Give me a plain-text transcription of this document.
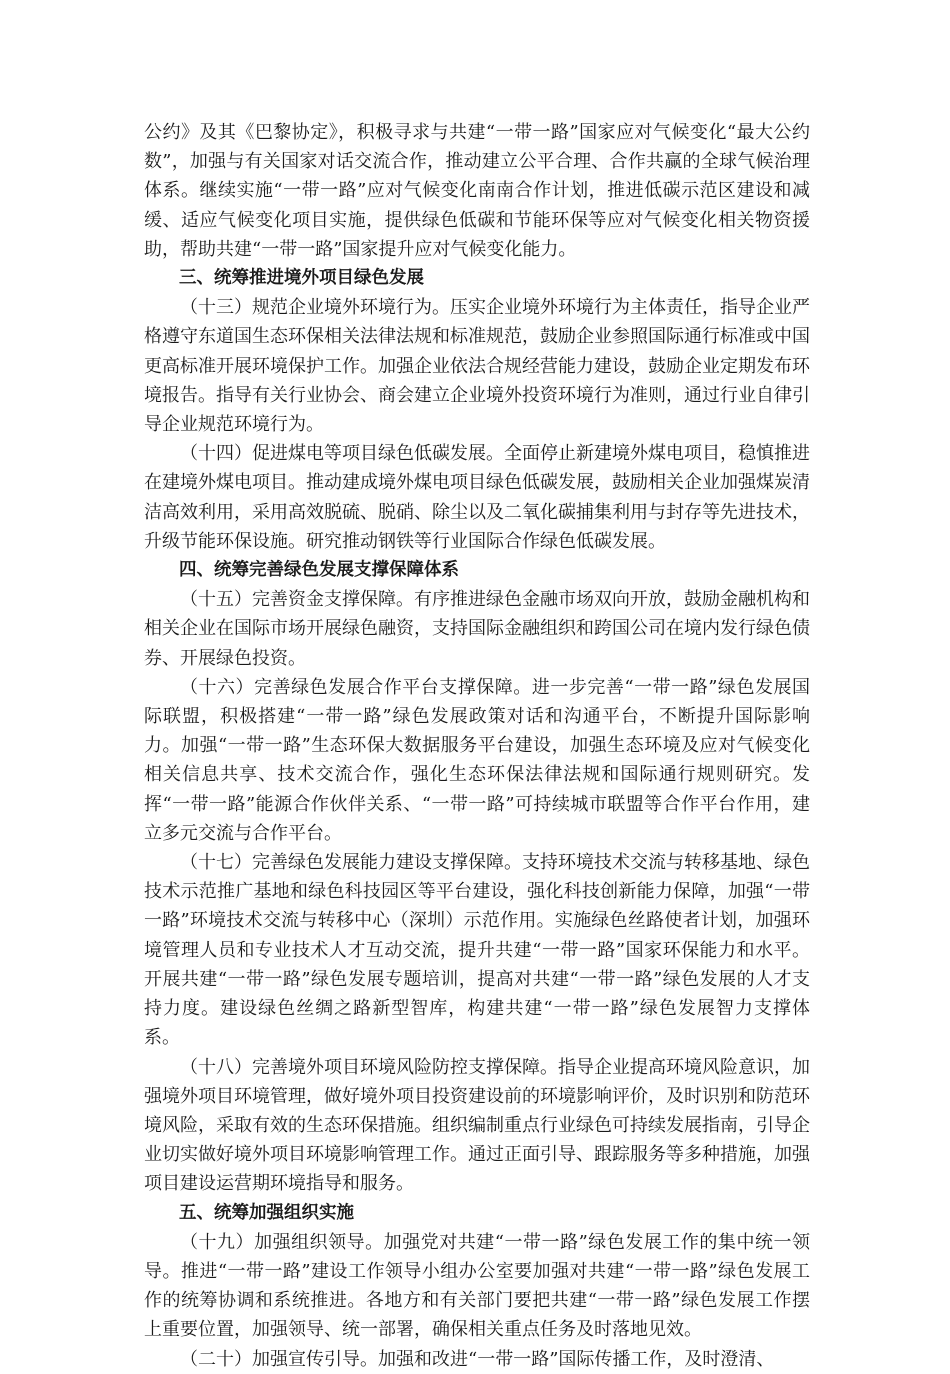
公约》及其《巴黎协定》，积极寻求与共建“一带一路”国家应对气候变化“最大公约数”，加强与有关国家对话交流合作，推动建立公平合理、合作共赢的全球气候治理体系。继续实施“一带一路”应对气候变化南南合作计划，推进低碳示范区建设和减缓、适应气候变化项目实施，提供绿色低碳和节能环保等应对气候变化相关物资援助，帮助共建“一带一路”国家提升应对气候变化能力。

三、统筹推进境外项目绿色发展

（十三）规范企业境外环境行为。压实企业境外环境行为主体责任，指导企业严格遵守东道国生态环保相关法律法规和标准规范，鼓励企业参照国际通行标准或中国更高标准开展环境保护工作。加强企业依法合规经营能力建设，鼓励企业定期发布环境报告。指导有关行业协会、商会建立企业境外投资环境行为准则，通过行业自律引导企业规范环境行为。

（十四）促进煤电等项目绿色低碳发展。全面停止新建境外煤电项目，稳慎推进在建境外煤电项目。推动建成境外煤电项目绿色低碳发展，鼓励相关企业加强煤炭清洁高效利用，采用高效脱硫、脱硝、除尘以及二氧化碳捕集利用与封存等先进技术，升级节能环保设施。研究推动钢铁等行业国际合作绿色低碳发展。

四、统筹完善绿色发展支撑保障体系

（十五）完善资金支撑保障。有序推进绿色金融市场双向开放，鼓励金融机构和相关企业在国际市场开展绿色融资，支持国际金融组织和跨国公司在境内发行绿色债券、开展绿色投资。

（十六）完善绿色发展合作平台支撑保障。进一步完善“一带一路”绿色发展国际联盟，积极搭建“一带一路”绿色发展政策对话和沟通平台，不断提升国际影响力。加强“一带一路”生态环保大数据服务平台建设，加强生态环境及应对气候变化相关信息共享、技术交流合作，强化生态环保法律法规和国际通行规则研究。发挥“一带一路”能源合作伙伴关系、“一带一路”可持续城市联盟等合作平台作用，建立多元交流与合作平台。

（十七）完善绿色发展能力建设支撑保障。支持环境技术交流与转移基地、绿色技术示范推广基地和绿色科技园区等平台建设，强化科技创新能力保障，加强“一带一路”环境技术交流与转移中心（深圳）示范作用。实施绿色丝路使者计划，加强环境管理人员和专业技术人才互动交流，提升共建“一带一路”国家环保能力和水平。开展共建“一带一路”绿色发展专题培训，提高对共建“一带一路”绿色发展的人才支持力度。建设绿色丝绸之路新型智库，构建共建“一带一路”绿色发展智力支撑体系。

（十八）完善境外项目环境风险防控支撑保障。指导企业提高环境风险意识，加强境外项目环境管理，做好境外项目投资建设前的环境影响评价，及时识别和防范环境风险，采取有效的生态环保措施。组织编制重点行业绿色可持续发展指南，引导企业切实做好境外项目环境影响管理工作。通过正面引导、跟踪服务等多种措施，加强项目建设运营期环境指导和服务。

五、统筹加强组织实施

（十九）加强组织领导。加强党对共建“一带一路”绿色发展工作的集中统一领导。推进“一带一路”建设工作领导小组办公室要加强对共建“一带一路”绿色发展工作的统筹协调和系统推进。各地方和有关部门要把共建“一带一路”绿色发展工作摆上重要位置，加强领导、统一部署，确保相关重点任务及时落地见效。

（二十）加强宣传引导。加强和改进“一带一路”国际传播工作，及时澄清、
